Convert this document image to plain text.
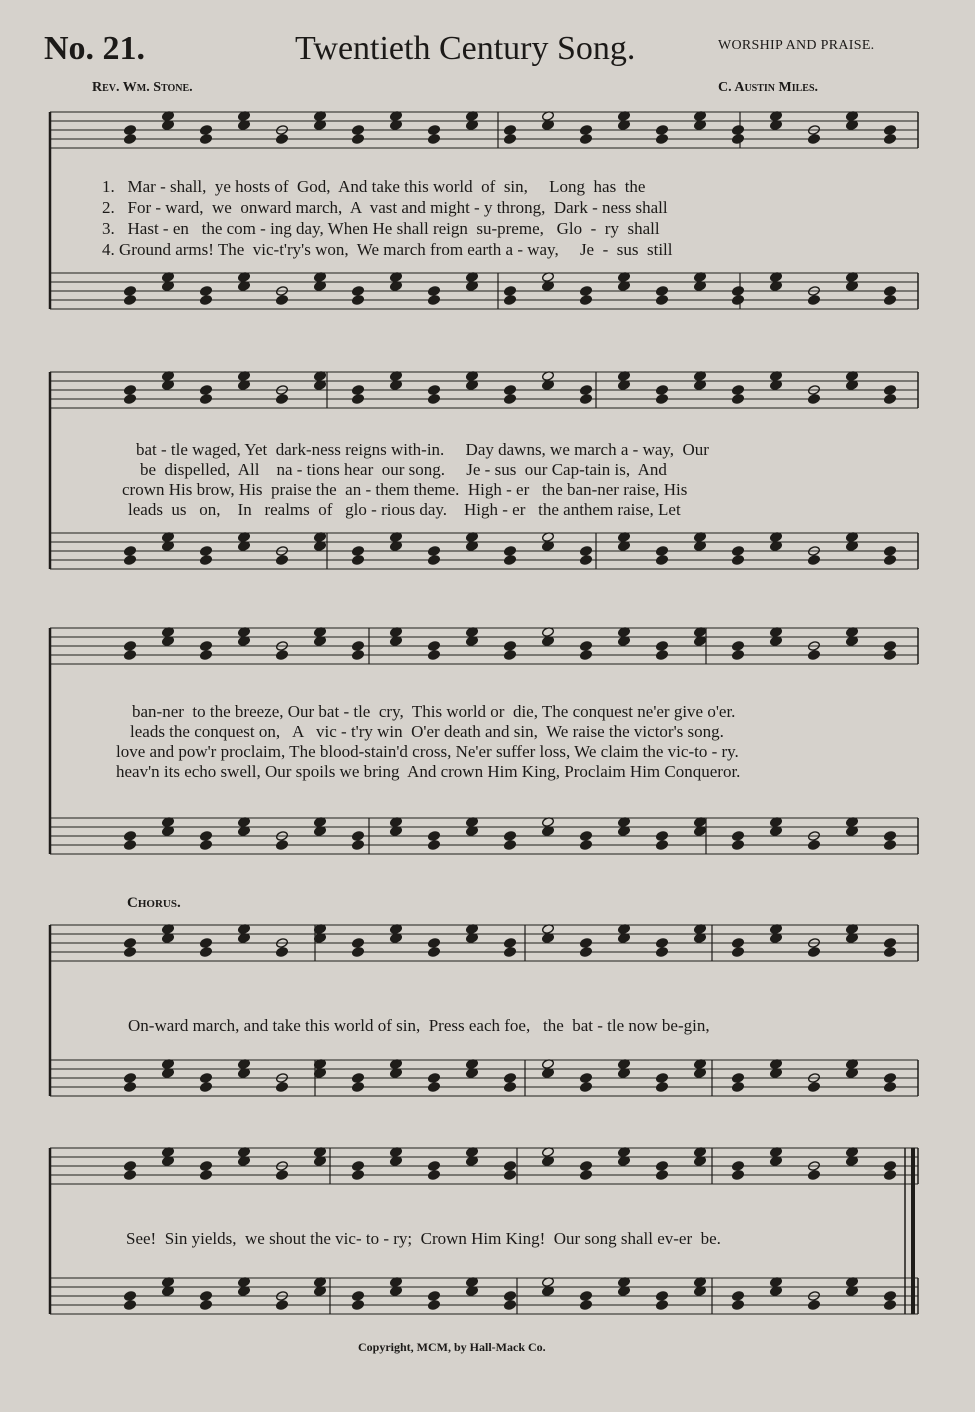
No. 21.	Twentieth Century Song.	WORSHIP AND PRAISE.
Rev. Wm. Stone.	C. Austin Miles.
1.   Mar - shall,  ye hosts of  God,  And take this world  of  sin,     Long  has  the
2.   For - ward,  we  onward march,  A  vast and might - y throng,  Dark - ness shall
3.   Hast - en   the com - ing day, When He shall reign  su-preme,   Glo  -  ry  shall
4. Ground arms! The  vic-t'ry's won,  We march from earth a - way,     Je  -  sus  still
bat - tle waged, Yet  dark-ness reigns with-in.     Day dawns, we march a - way,  Our
be  dispelled,  All    na - tions hear  our song.     Je - sus  our Cap-tain is,  And
crown His brow, His  praise the  an - them theme.  High - er   the ban-ner raise, His
leads  us   on,    In   realms  of   glo - rious day.    High - er   the anthem raise, Let
ban-ner  to the breeze, Our bat - tle  cry,  This world or  die, The conquest ne'er give o'er.
leads the conquest on,   A   vic - t'ry win  O'er death and sin,  We raise the victor's song.
love and pow'r proclaim, The blood-stain'd cross, Ne'er suffer loss, We claim the vic-to - ry.
heav'n its echo swell, Our spoils we bring  And crown Him King, Proclaim Him Conqueror.
Chorus.
On-ward march, and take this world of sin,  Press each foe,   the  bat - tle now be-gin,
See!  Sin yields,  we shout the vic- to - ry;  Crown Him King!  Our song shall ev-er  be.
Copyright, MCM, by Hall-Mack Co.
